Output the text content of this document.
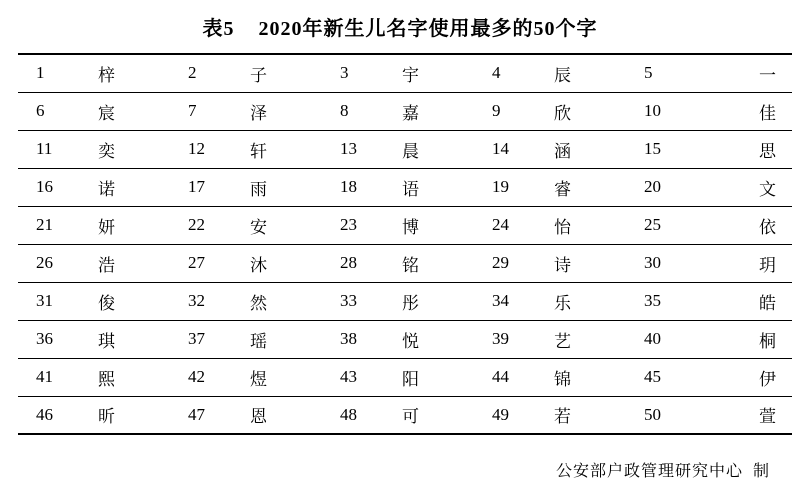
表5    2020年新生儿名字使用最多的50个字
1	梓	2	子	3	宇	4	辰	5	一
6	宸	7	泽	8	嘉	9	欣	10	佳
11	奕	12	轩	13	晨	14	涵	15	思
16	诺	17	雨	18	语	19	睿	20	文
21	妍	22	安	23	博	24	怡	25	依
26	浩	27	沐	28	铭	29	诗	30	玥
31	俊	32	然	33	彤	34	乐	35	皓
36	琪	37	瑶	38	悦	39	艺	40	桐
41	熙	42	煜	43	阳	44	锦	45	伊
46	昕	47	恩	48	可	49	若	50	萱
公安部户政管理研究中心  制
